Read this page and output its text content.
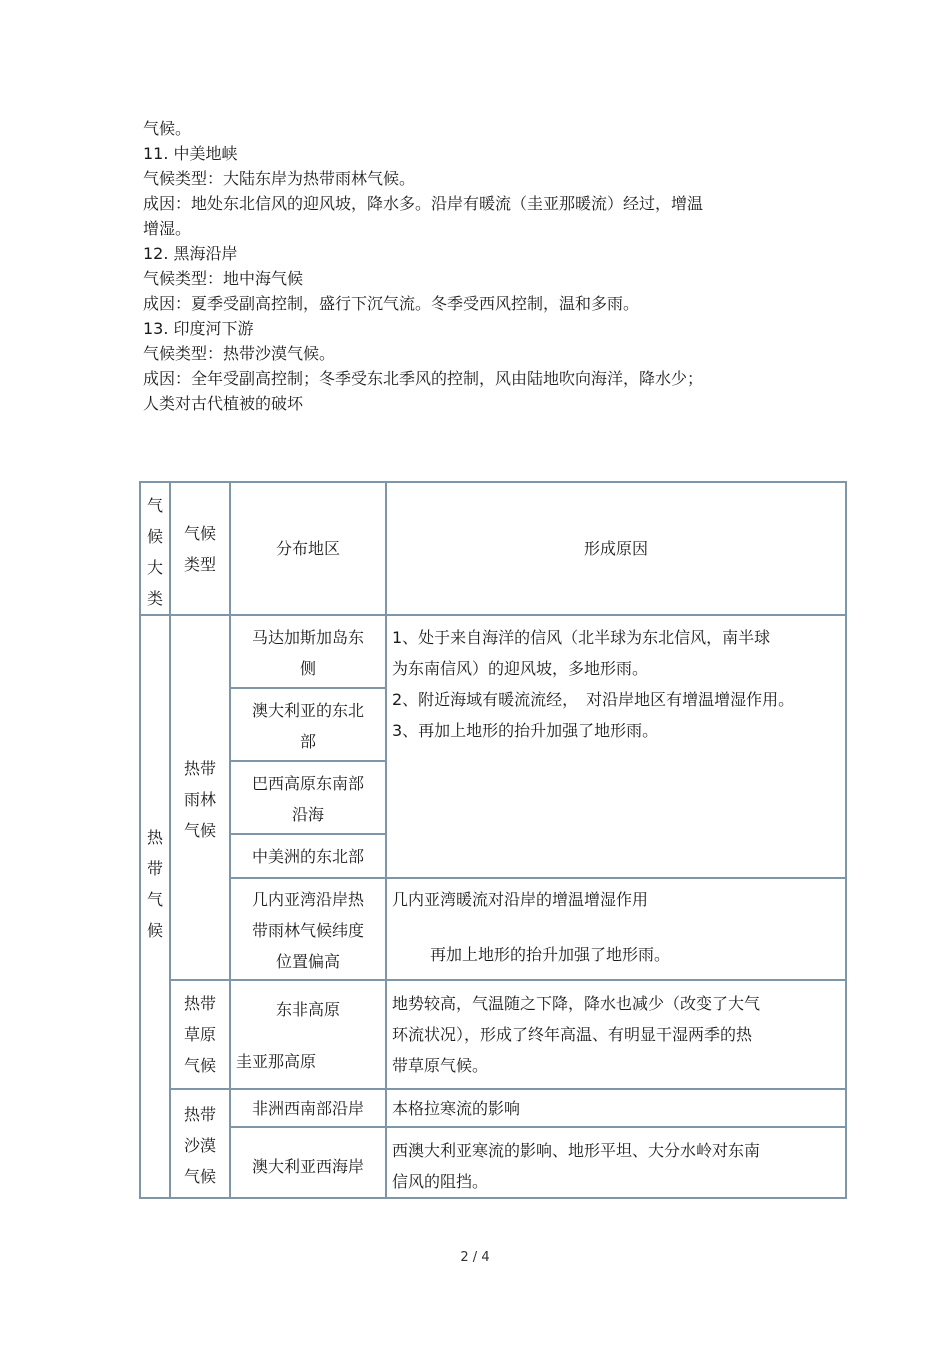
气候。
11. 中美地峡
气候类型：大陆东岸为热带雨林气候。
成因：地处东北信风的迎风坡，降水多。沿岸有暖流（圭亚那暖流）经过，增温
增湿。
12. 黑海沿岸
气候类型：地中海气候
成因：夏季受副高控制，盛行下沉气流。冬季受西风控制，温和多雨。
13. 印度河下游
气候类型：热带沙漠气候。
成因：全年受副高控制；冬季受东北季风的控制，风由陆地吹向海洋，降水少；
人类对古代植被的破坏
气
候
大
类
气候
类型
分布地区	形成原因
热
带
气
候
热带
雨林
气候
马达加斯加岛东
侧
澳大利亚的东北
部
巴西高原东南部
沿海
中美洲的东北部
1、处于来自海洋的信风（北半球为东北信风，南半球
为东南信风）的迎风坡，多地形雨。
2、附近海域有暖流流经，　对沿岸地区有增温增湿作用。
3、再加上地形的抬升加强了地形雨。
几内亚湾沿岸热
带雨林气候纬度
位置偏高
几内亚湾暖流对沿岸的增温增湿作用
再加上地形的抬升加强了地形雨。
热带
草原
气候
东非高原
圭亚那高原
地势较高，气温随之下降，降水也减少（改变了大气
环流状况），形成了终年高温、有明显干湿两季的热
带草原气候。
热带
沙漠
气候
非洲西南部沿岸	本格拉寒流的影响
澳大利亚西海岸
西澳大利亚寒流的影响、地形平坦、大分水岭对东南
信风的阻挡。
2 / 4
